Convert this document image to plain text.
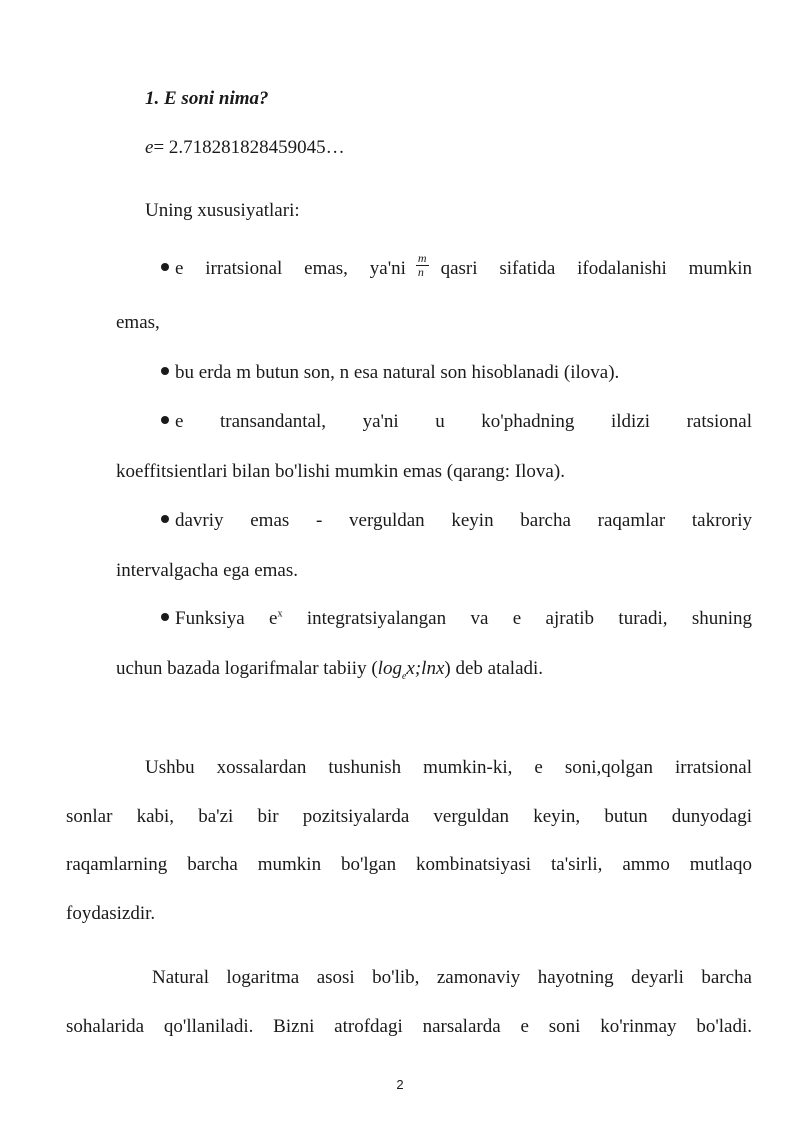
1. E soni nima?
e= 2.718281828459045…
Uning xususiyatlari:
e irratsional emas, $ya'ni \frac{m}{n}$ qasri sifatida ifodalanishi mumkin
emas,
bu erda m butun son, n esa natural son hisoblanadi (ilova).
e transandantal, ya'ni u ko'phadning ildizi ratsional
koeffitsientlari bilan bo'lishi mumkin emas (qarang: Ilova).
davriy emas - verguldan keyin barcha raqamlar takroriy
intervalgacha ega emas.
Funksiya $e^x$ integratsiyalangan va e ajratib turadi, shuning
uchun bazada logarifmalar tabiiy $(\log_ex;\ln x)$ deb ataladi.
Ushbu xossalardan tushunish mumkin-ki, e soni,qolgan irratsional
sonlar kabi, ba'zi bir pozitsiyalarda verguldan keyin, butun dunyodagi
raqamlarning barcha mumkin bo'lgan kombinatsiyasi ta'sirli, ammo mutlaqo
foydasizdir.
Natural logaritma asosi bo'lib, zamonaviy hayotning deyarli barcha
sohalarida qo'llaniladi. Bizni atrofdagi narsalarda e soni ko'rinmay bo'ladi.
2
